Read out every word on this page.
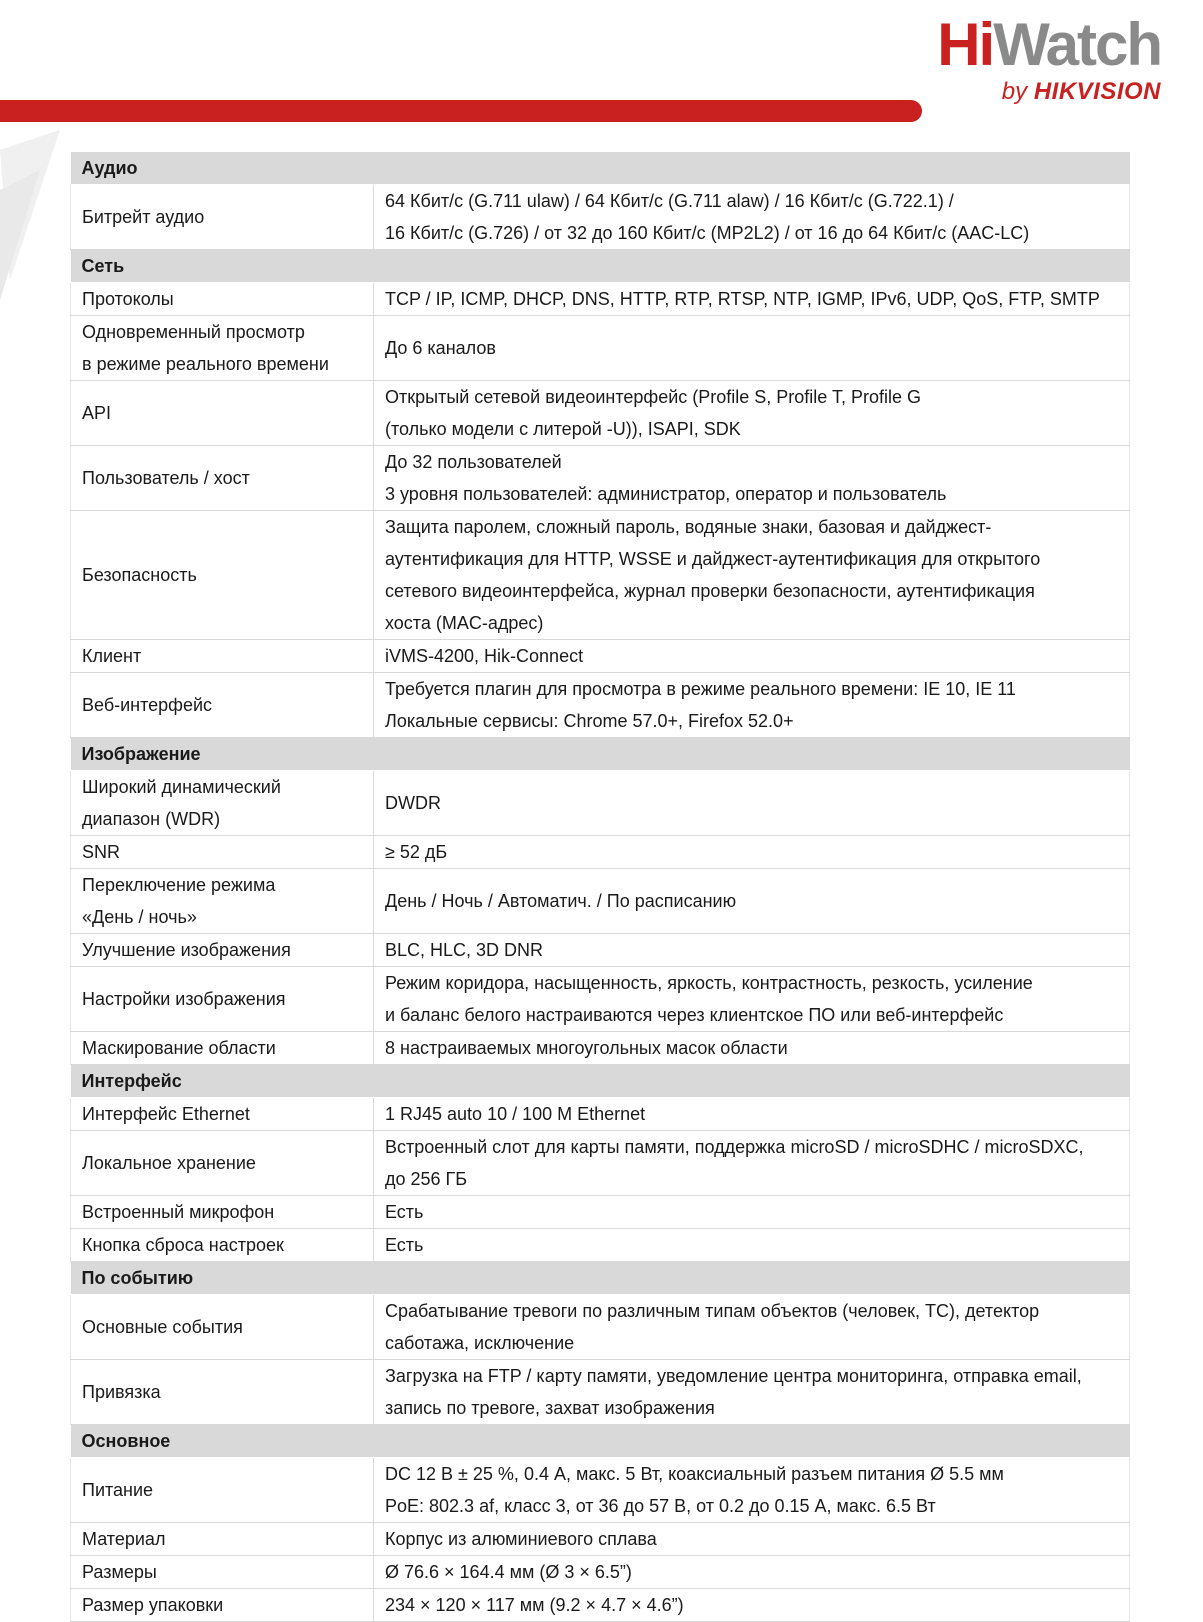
HiWatch
by HIKVISION
Аудио	

Битрейт аудио	64 Кбит/с (G.711 ulaw) / 64 Кбит/с (G.711 alaw) / 16 Кбит/с (G.722.1) /
16 Кбит/с (G.726) / от 32 до 160 Кбит/с (MP2L2) / от 16 до 64 Кбит/с (AAC-LC)

Сеть	

Протоколы	TCP / IP, ICMP, DHCP, DNS, HTTP, RTP, RTSP, NTP, IGMP, IPv6, UDP, QoS, FTP, SMTP

Одновременный просмотр
в режиме реального времени	До 6 каналов

API	Открытый сетевой видеоинтерфейс (Profile S, Profile T, Profile G
(только модели с литерой -U)), ISAPI, SDK

Пользователь / хост	До 32 пользователей
3 уровня пользователей: администратор, оператор и пользователь

Безопасность	Защита паролем, сложный пароль, водяные знаки, базовая и дайджест-
аутентификация для HTTP, WSSE и дайджест-аутентификация для открытого
сетевого видеоинтерфейса, журнал проверки безопасности, аутентификация
хоста (MAC-адрес)

Клиент	iVMS-4200, Hik-Connect

Веб-интерфейс	Требуется плагин для просмотра в режиме реального времени: IE 10, IE 11
Локальные сервисы: Chrome 57.0+, Firefox 52.0+

Изображение	

Широкий динамический
диапазон (WDR)	DWDR

SNR	≥ 52 дБ

Переключение режима
«День / ночь»	День / Ночь / Автоматич. / По расписанию

Улучшение изображения	BLC, HLC, 3D DNR

Настройки изображения	Режим коридора, насыщенность, яркость, контрастность, резкость, усиление
и баланс белого настраиваются через клиентское ПО или веб-интерфейс

Маскирование области	8 настраиваемых многоугольных масок области

Интерфейс	

Интерфейс Ethernet	1 RJ45 auto 10 / 100 M Ethernet

Локальное хранение	Встроенный слот для карты памяти, поддержка microSD / microSDHC / microSDXC,
до 256 ГБ

Встроенный микрофон	Есть

Кнопка сброса настроек	Есть

По событию	

Основные события	Срабатывание тревоги по различным типам объектов (человек, ТС), детектор
саботажа, исключение

Привязка	Загрузка на FTP / карту памяти, уведомление центра мониторинга, отправка email,
запись по тревоге, захват изображения

Основное	

Питание	DC 12 В ± 25 %, 0.4 А, макс. 5 Вт, коаксиальный разъем питания Ø 5.5 мм
PoE: 802.3 af, класс 3, от 36 до 57 В, от 0.2 до 0.15 А, макс. 6.5 Вт

Материал	Корпус из алюминиевого сплава

Размеры	Ø 76.6 × 164.4 мм (Ø 3 × 6.5”)

Размер упаковки	234 × 120 × 117 мм (9.2 × 4.7 × 4.6”)
